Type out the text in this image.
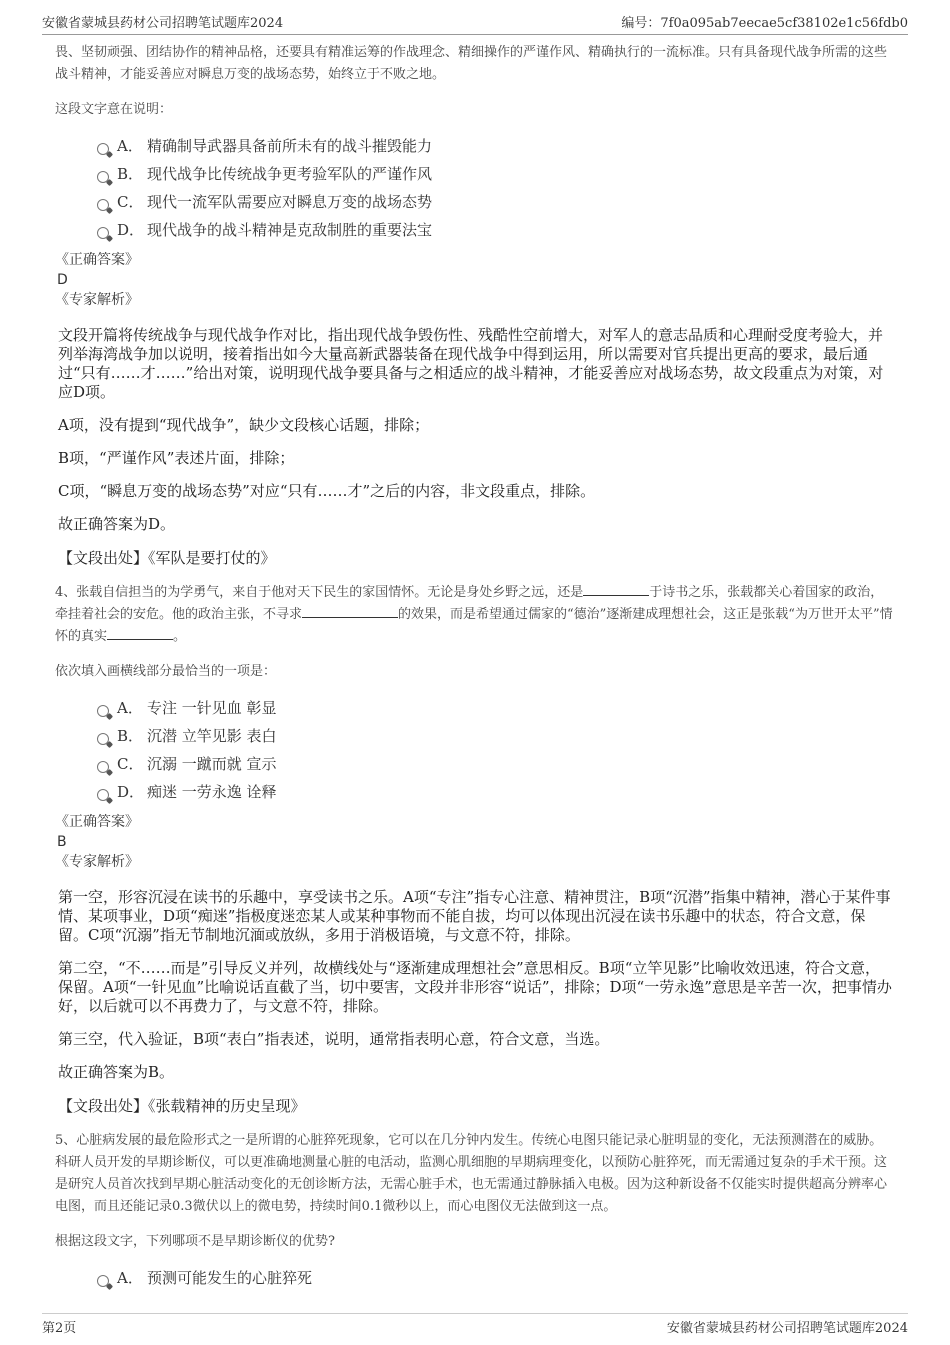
安徽省蒙城县药材公司招聘笔试题库2024	编号：7f0a095ab7eecae5cf38102e1c56fdb0

畏、坚韧顽强、团结协作的精神品格，还要具有精准运筹的作战理念、精细操作的严谨作风、精确执行的一流标准。只有具备现代战争所需的这些战斗精神，才能妥善应对瞬息万变的战场态势，始终立于不败之地。

这段文字意在说明：

A． 精确制导武器具备前所未有的战斗摧毁能力
B． 现代战争比传统战争更考验军队的严谨作风
C． 现代一流军队需要应对瞬息万变的战场态势
D． 现代战争的战斗精神是克敌制胜的重要法宝

《正确答案》

D

《专家解析》

文段开篇将传统战争与现代战争作对比，指出现代战争毁伤性、残酷性空前增大，对军人的意志品质和心理耐受度考验大，并列举海湾战争加以说明，接着指出如今大量高新武器装备在现代战争中得到运用，所以需要对官兵提出更高的要求，最后通过“只有……才……”给出对策，说明现代战争要具备与之相适应的战斗精神，才能妥善应对战场态势，故文段重点为对策，对应D项。

A项，没有提到“现代战争”，缺少文段核心话题，排除；

B项，“严谨作风”表述片面，排除；

C项，“瞬息万变的战场态势”对应“只有……才”之后的内容，非文段重点，排除。

故正确答案为D。

【文段出处】《军队是要打仗的》

4、张载自信担当的为学勇气，来自于他对天下民生的家国情怀。无论是身处乡野之远，还是	于诗书之乐，张载都关心着国家的政治，牵挂着社会的安危。他的政治主张，不寻求	的效果，而是希望通过儒家的“德治”逐渐建成理想社会，这正是张载“为万世开太平”情怀的真实	。

依次填入画横线部分最恰当的一项是：

A． 专注 一针见血 彰显
B． 沉潜 立竿见影 表白
C． 沉溺 一蹴而就 宣示
D． 痴迷 一劳永逸 诠释

《正确答案》

B

《专家解析》

第一空，形容沉浸在读书的乐趣中，享受读书之乐。A项“专注”指专心注意、精神贯注，B项“沉潜”指集中精神，潜心于某件事情、某项事业，D项“痴迷”指极度迷恋某人或某种事物而不能自拔，均可以体现出沉浸在读书乐趣中的状态，符合文意，保留。C项“沉溺”指无节制地沉湎或放纵，多用于消极语境，与文意不符，排除。

第二空，“不……而是”引导反义并列，故横线处与“逐渐建成理想社会”意思相反。B项“立竿见影”比喻收效迅速，符合文意，保留。A项“一针见血”比喻说话直截了当，切中要害，文段并非形容“说话”，排除；D项“一劳永逸”意思是辛苦一次，把事情办好，以后就可以不再费力了，与文意不符，排除。

第三空，代入验证，B项“表白”指表述，说明，通常指表明心意，符合文意，当选。

故正确答案为B。

【文段出处】《张载精神的历史呈现》

5、心脏病发展的最危险形式之一是所谓的心脏猝死现象，它可以在几分钟内发生。传统心电图只能记录心脏明显的变化，无法预测潜在的威胁。科研人员开发的早期诊断仪，可以更准确地测量心脏的电活动，监测心肌细胞的早期病理变化，以预防心脏猝死，而无需通过复杂的手术干预。这是研究人员首次找到早期心脏活动变化的无创诊断方法，无需心脏手术，也无需通过静脉插入电极。因为这种新设备不仅能实时提供超高分辨率心电图，而且还能记录0.3微伏以上的微电势，持续时间0.1微秒以上，而心电图仪无法做到这一点。

根据这段文字，下列哪项不是早期诊断仪的优势?

A． 预测可能发生的心脏猝死
第2页	安徽省蒙城县药材公司招聘笔试题库2024
